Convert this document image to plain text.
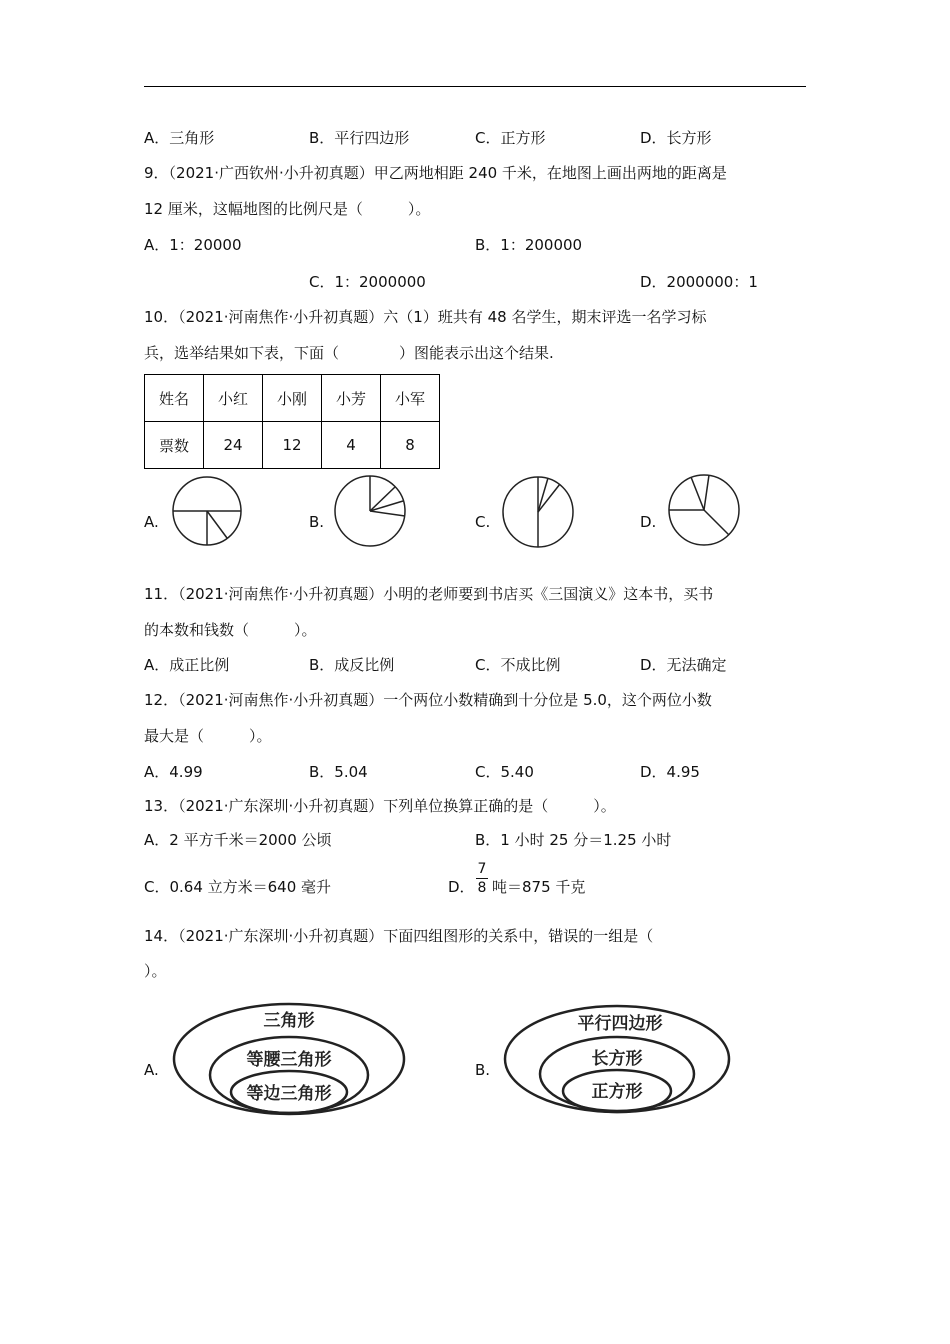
A．三角形	B．平行四边形	C．正方形	D．长方形
9．（2021·广西钦州·小升初真题）甲乙两地相距 240 千米，在地图上画出两地的距离是
12 厘米，这幅地图的比例尺是（　　　）。
A．1：20000	B．1：200000
C．1：2000000	D．2000000：1
10．（2021·河南焦作·小升初真题）六（1）班共有 48 名学生，期末评选一名学习标
兵，选举结果如下表，下面（　　　　）图能表示出这个结果.
姓名	小红	小刚	小芳	小军
票数	24	12	4	8
A.	B.	C.	D.
11．（2021·河南焦作·小升初真题）小明的老师要到书店买《三国演义》这本书，买书
的本数和钱数（　　　）。
A．成正比例	B．成反比例	C．不成比例	D．无法确定
12．（2021·河南焦作·小升初真题）一个两位小数精确到十分位是 5.0，这个两位小数
最大是（　　　）。
A．4.99	B．5.04	C．5.40	D．4.95
13．（2021·广东深圳·小升初真题）下列单位换算正确的是（　　　）。
A．2 平方千米＝2000 公顷	B．1 小时 25 分＝1.25 小时
C．0.64 立方米＝640 毫升	D．
7
8 吨＝875 千克
14．（2021·广东深圳·小升初真题）下面四组图形的关系中，错误的一组是（
）。
A.
三角形
等腰三角形
等边三角形
B.
平行四边形
长方形
正方形
